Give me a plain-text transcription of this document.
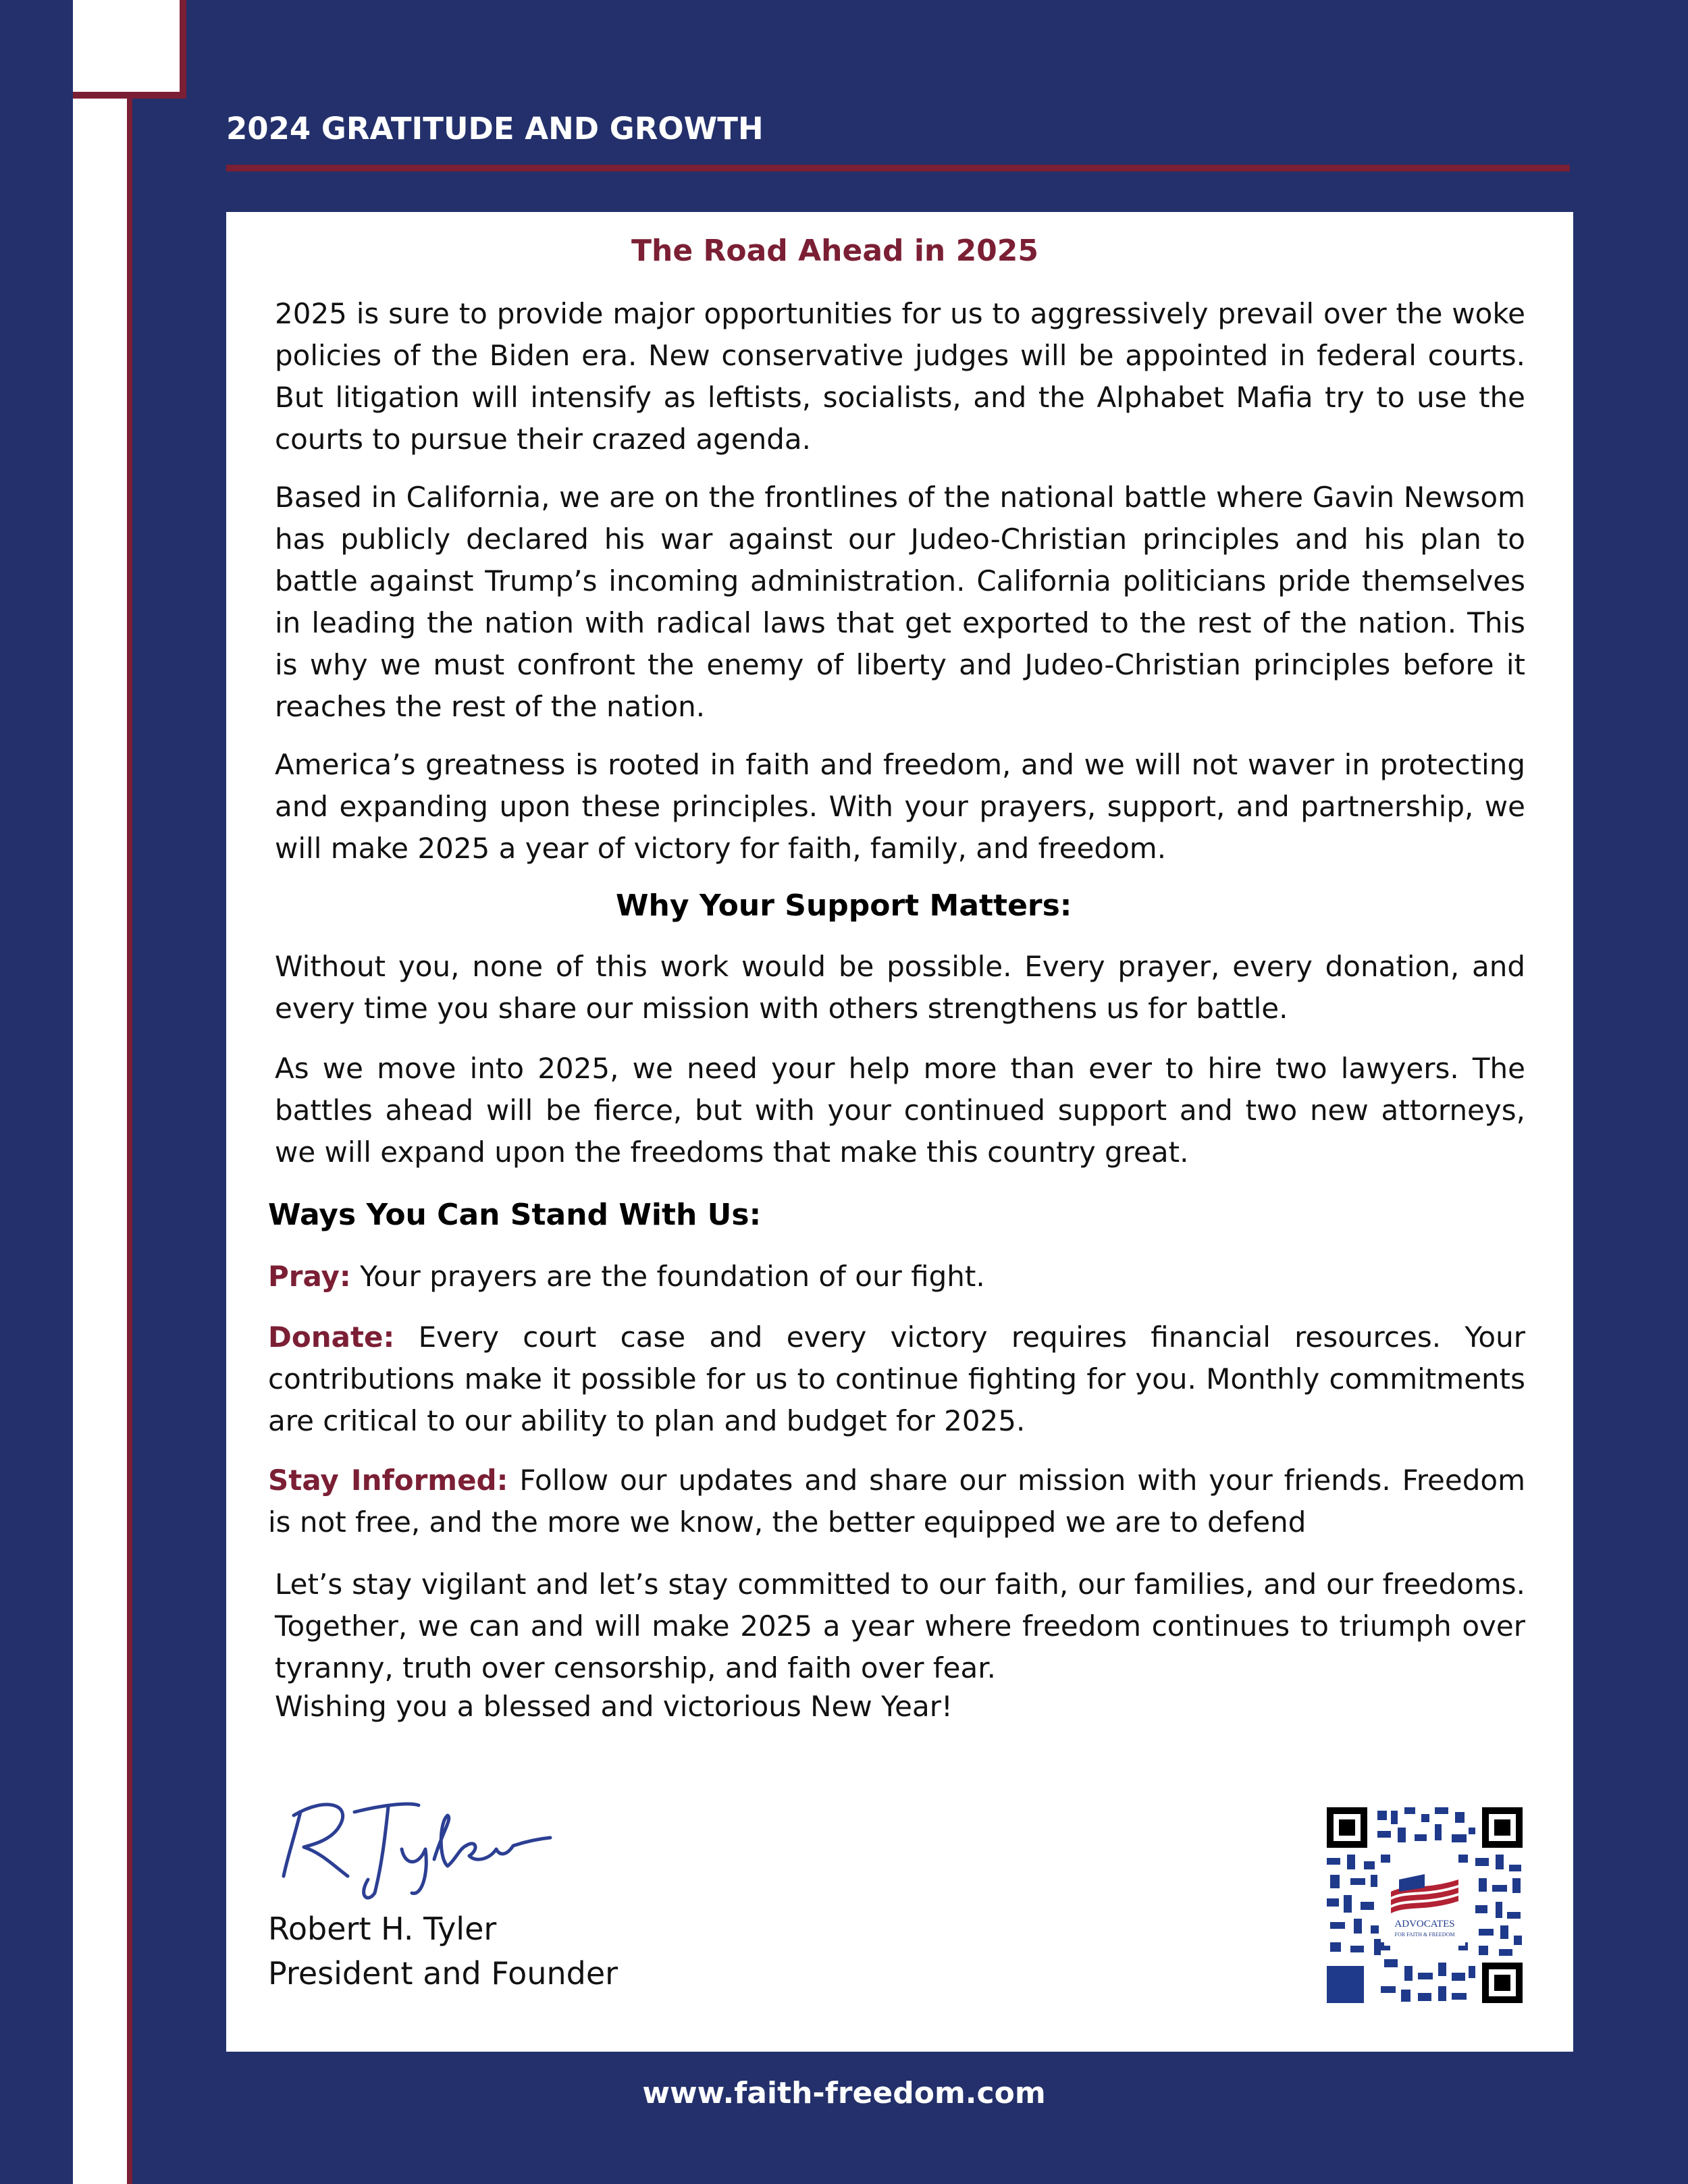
2024 GRATITUDE AND GROWTH
The Road Ahead in 2025
2025 is sure to provide major opportunities for us to aggressively prevail over the woke policies of the Biden era. New conservative judges will be appointed in federal courts. But litigation will intensify as leftists, socialists, and the Alphabet Mafia try to use the courts to pursue their crazed agenda.
Based in California, we are on the frontlines of the national battle where Gavin Newsom has publicly declared his war against our Judeo-Christian principles and his plan to battle against Trump’s incoming administration. California politicians pride themselves in leading the nation with radical laws that get exported to the rest of the nation. This is why we must confront the enemy of liberty and Judeo-Christian principles before it reaches the rest of the nation.
America’s greatness is rooted in faith and freedom, and we will not waver in protecting and expanding upon these principles. With your prayers, support, and partnership, we will make 2025 a year of victory for faith, family, and freedom.
Why Your Support Matters:
Without you, none of this work would be possible. Every prayer, every donation, and every time you share our mission with others strengthens us for battle.
As we move into 2025, we need your help more than ever to hire two lawyers. The battles ahead will be fierce, but with your continued support and two new attorneys, we will expand upon the freedoms that make this country great.
Ways You Can Stand With Us:
Pray: Your prayers are the foundation of our fight.
Donate: Every court case and every victory requires financial resources. Your contributions make it possible for us to continue fighting for you. Monthly commitments are critical to our ability to plan and budget for 2025.
Stay Informed: Follow our updates and share our mission with your friends. Freedom is not free, and the more we know, the better equipped we are to defend
Let’s stay vigilant and let’s stay committed to our faith, our families, and our freedoms. Together, we can and will make 2025 a year where freedom continues to triumph over tyranny, truth over censorship, and faith over fear.
Wishing you a blessed and victorious New Year!
Robert H. Tyler
President and Founder
ADVOCATES
FOR FAITH & FREEDOM
www.faith-freedom.com
